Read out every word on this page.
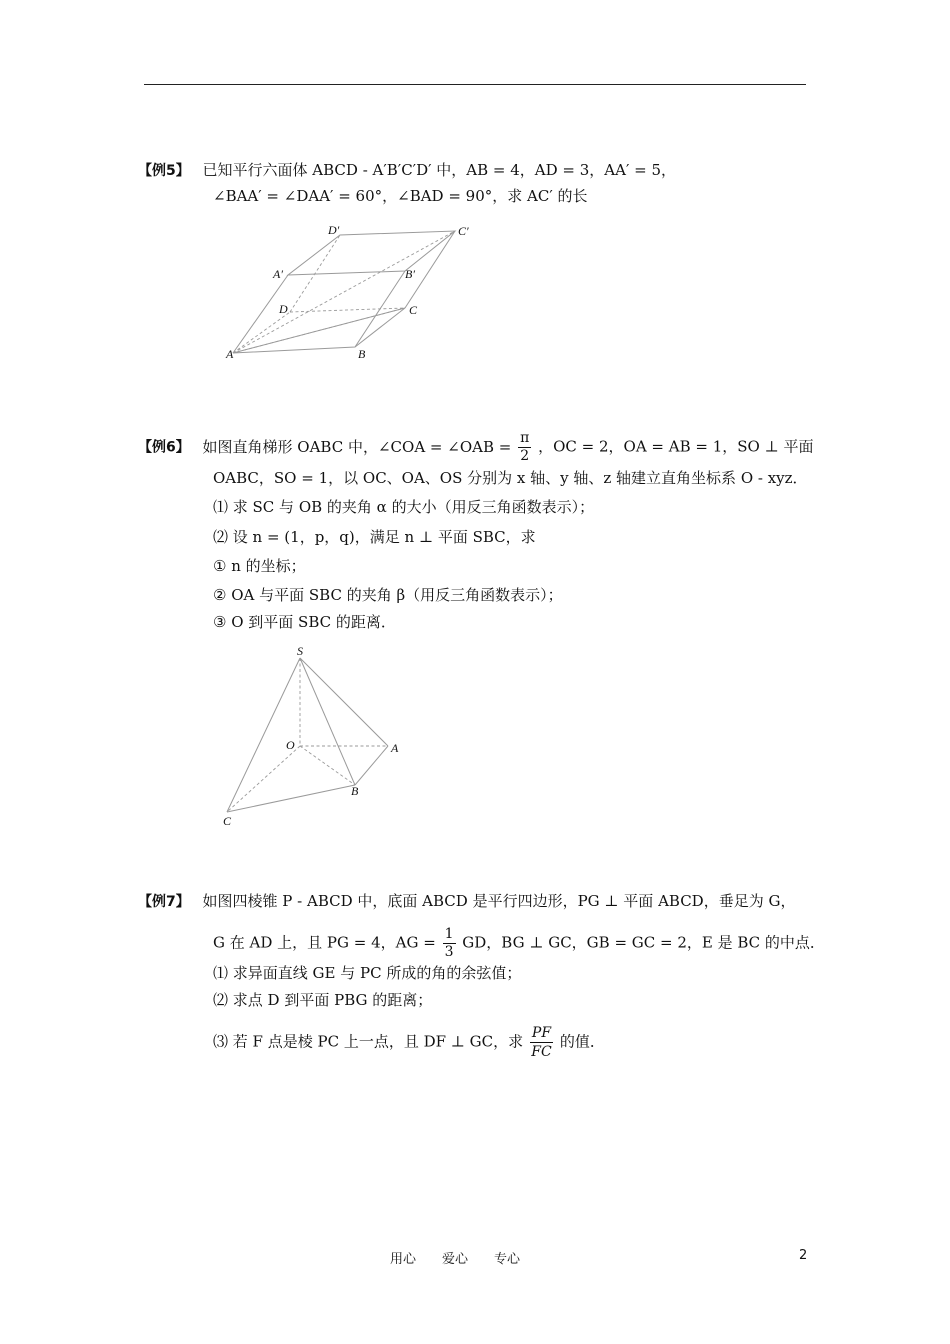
【例5】 已知平行六面体 ABCD - A′B′C′D′ 中，AB = 4，AD = 3，AA′ = 5，
∠BAA′ = ∠DAA′ = 60°，∠BAD = 90°，求 AC′ 的长
A	B
C
D
A′	B′
C′
D′
【例6】 如图直角梯形 OABC 中，∠COA = ∠OAB = $\frac{\pi}{2}$ ，OC = 2，OA = AB = 1，SO ⊥ 平面
OABC，SO = 1，以 OC、OA、OS 分别为 x 轴、y 轴、z 轴建立直角坐标系 O - xyz．
⑴ 求 SC 与 OB 的夹角 α 的大小（用反三角函数表示）；
⑵ 设 n = (1，p，q)，满足 n ⊥ 平面 SBC，求
① n 的坐标；
② OA 与平面 SBC 的夹角 β（用反三角函数表示）；
③ O 到平面 SBC 的距离．
S
O	A
B
C
【例7】 如图四棱锥 P - ABCD 中，底面 ABCD 是平行四边形，PG ⊥ 平面 ABCD，垂足为 G，
G 在 AD 上，且 PG = 4，AG = $\frac{1}{3}$ GD，BG ⊥ GC，GB = GC = 2，E 是 BC 的中点．
⑴ 求异面直线 GE 与 PC 所成的角的余弦值；
⑵ 求点 D 到平面 PBG 的距离；
⑶ 若 F 点是棱 PC 上一点，且 DF ⊥ GC，求 $\frac{PF}{FC}$ 的值．
用心　　爱心　　专心	2
